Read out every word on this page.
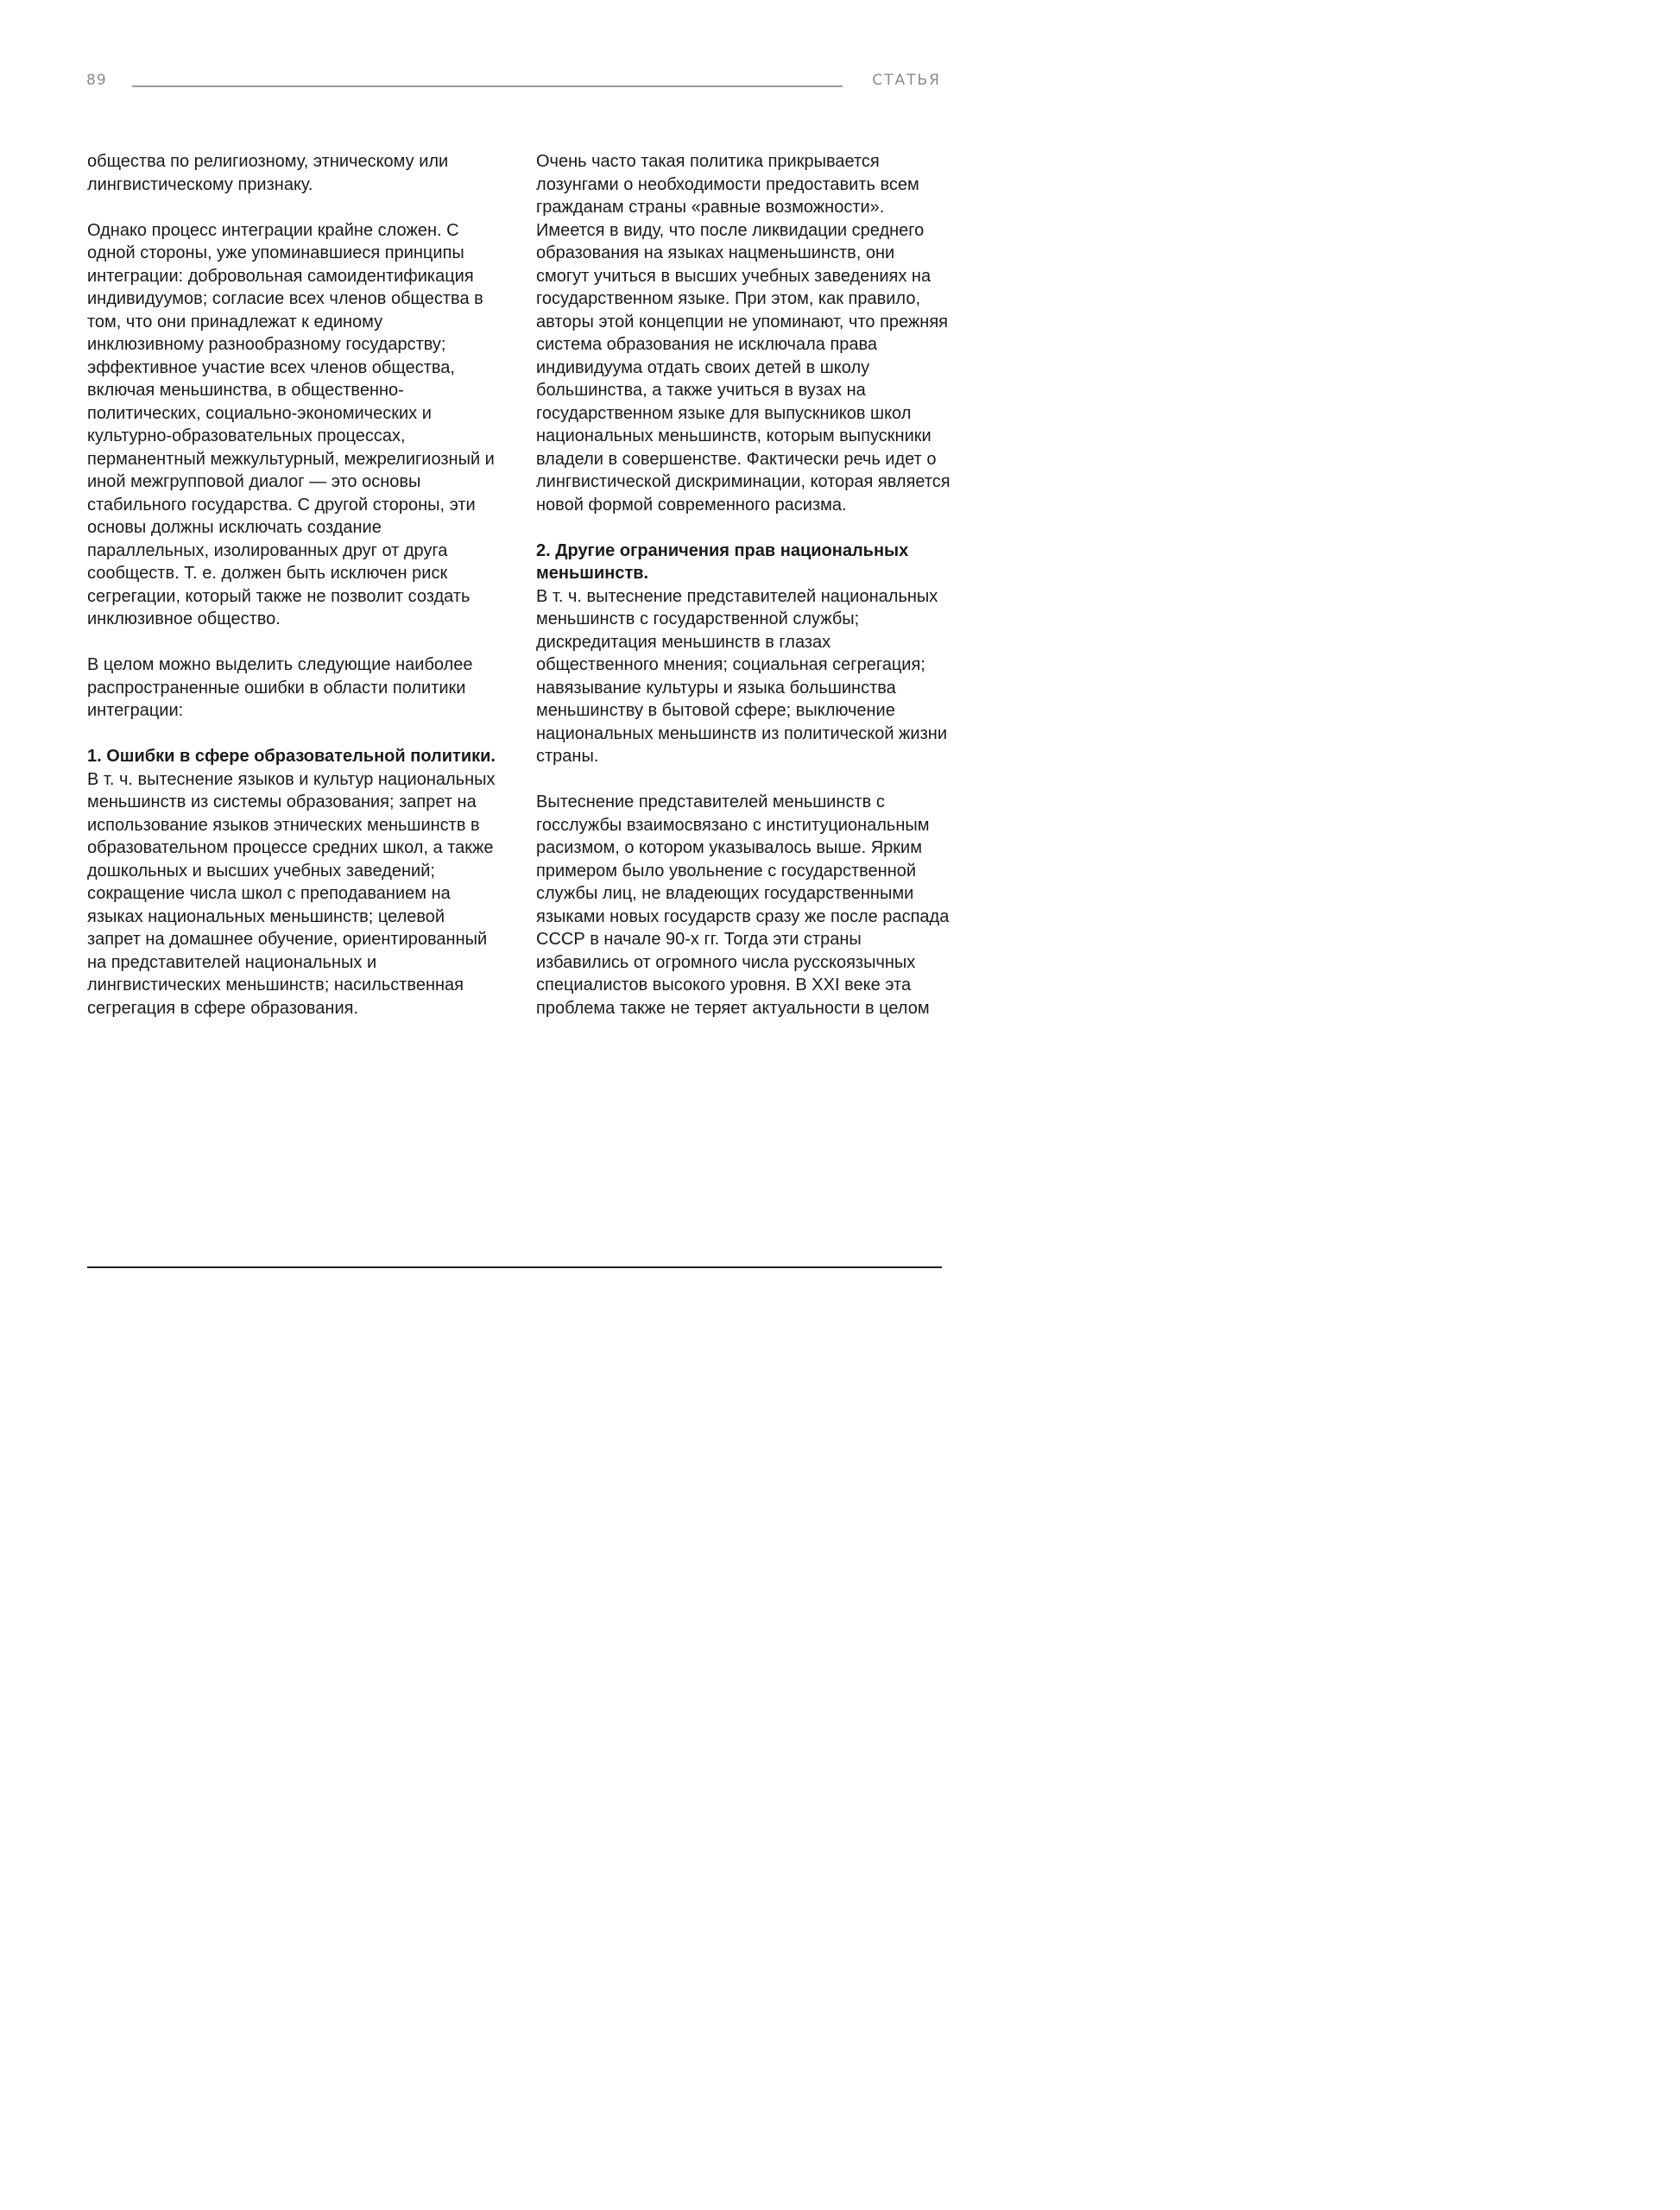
89	СТАТЬЯ

общества по религиозному, этническому или лингвистическому признаку.

Однако процесс интеграции крайне сложен. С одной стороны, уже упоминавшиеся принципы интеграции: добровольная самоидентификация индивидуумов; согласие всех членов общества в том, что они принадлежат к единому инклюзивному разнообразному государству; эффективное участие всех членов общества, включая меньшинства, в общественно-политических, социально-экономических и культурно-образовательных процессах, перманентный межкультурный, межрелигиозный и иной межгрупповой диалог — это основы стабильного государства. С другой стороны, эти основы должны исключать создание параллельных, изолированных друг от друга сообществ. Т. е. должен быть исключен риск сегрегации, который также не позволит создать инклюзивное общество.

В целом можно выделить следующие наиболее распространенные ошибки в области политики интеграции:

1. Ошибки в сфере образовательной политики. В т. ч. вытеснение языков и культур национальных меньшинств из системы образования; запрет на использование языков этнических меньшинств в образовательном процессе средних школ, а также дошкольных и высших учебных заведений; сокращение числа школ с преподаванием на языках национальных меньшинств; целевой запрет на домашнее обучение, ориентированный на представителей национальных и лингвистических меньшинств; насильственная сегрегация в сфере образования.

Очень часто такая политика прикрывается лозунгами о необходимости предоставить всем гражданам страны «равные возможности». Имеется в виду, что после ликвидации среднего образования на языках нацменьшинств, они смогут учиться в высших учебных заведениях на государственном языке. При этом, как правило, авторы этой концепции не упоминают, что прежняя система образования не исключала права индивидуума отдать своих детей в школу большинства, а также учиться в вузах на государственном языке для выпускников школ национальных меньшинств, которым выпускники владели в совершенстве. Фактически речь идет о лингвистической дискриминации, которая является новой формой современного расизма.

2. Другие ограничения прав национальных меньшинств.
В т. ч. вытеснение представителей национальных меньшинств с государственной службы; дискредитация меньшинств в глазах общественного мнения; социальная сегрегация; навязывание культуры и языка большинства меньшинству в бытовой сфере; выключение национальных меньшинств из политической жизни страны.

Вытеснение представителей меньшинств с госслужбы взаимосвязано с институциональным расизмом, о котором указывалось выше. Ярким примером было увольнение с государственной службы лиц, не владеющих государственными языками новых государств сразу же после распада СССР в начале 90-х гг. Тогда эти страны избавились от огромного числа русскоязычных специалистов высокого уровня. В XXI веке эта проблема также не теряет актуальности в целом
